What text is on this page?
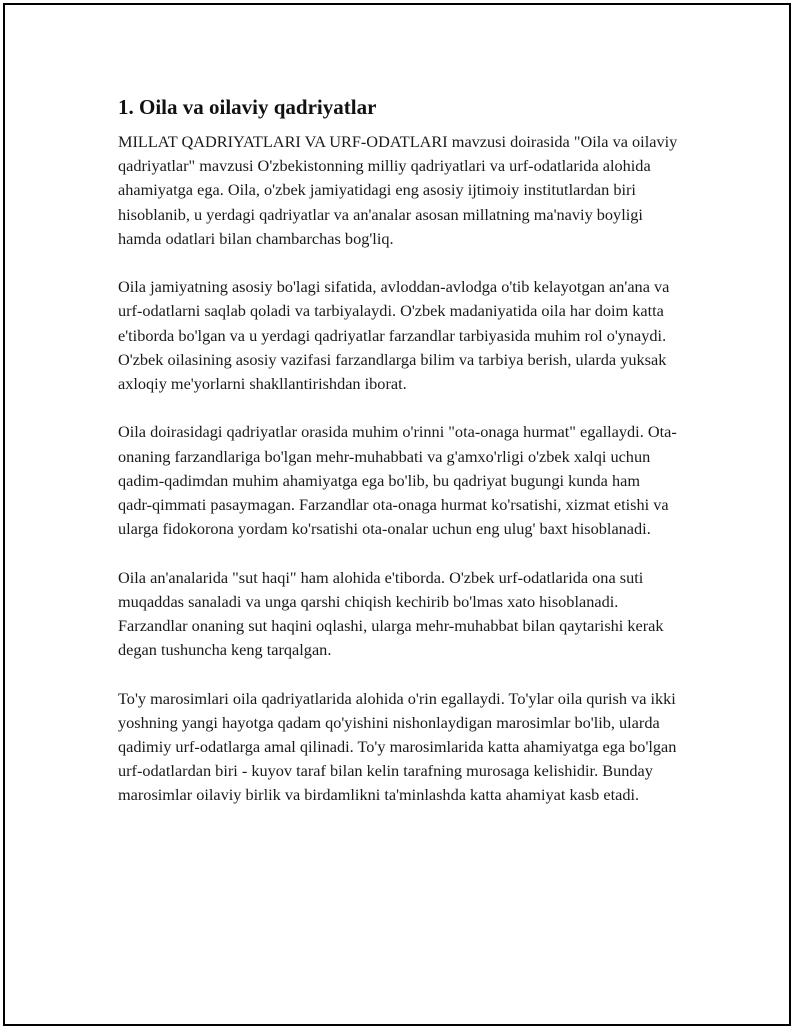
1. Oila va oilaviy qadriyatlar

MILLAT QADRIYATLARI VA URF-ODATLARI mavzusi doirasida "Oila va oilaviy qadriyatlar" mavzusi O'zbekistonning milliy qadriyatlari va urf-odatlarida alohida ahamiyatga ega. Oila, o'zbek jamiyatidagi eng asosiy ijtimoiy institutlardan biri hisoblanib, u yerdagi qadriyatlar va an'analar asosan millatning ma'naviy boyligi hamda odatlari bilan chambarchas bog'liq.

Oila jamiyatning asosiy bo'lagi sifatida, avloddan-avlodga o'tib kelayotgan an'ana va urf-odatlarni saqlab qoladi va tarbiyalaydi. O'zbek madaniyatida oila har doim katta e'tiborda bo'lgan va u yerdagi qadriyatlar farzandlar tarbiyasida muhim rol o'ynaydi. O'zbek oilasining asosiy vazifasi farzandlarga bilim va tarbiya berish, ularda yuksak axloqiy me'yorlarni shakllantirishdan iborat.

Oila doirasidagi qadriyatlar orasida muhim o'rinni "ota-onaga hurmat" egallaydi. Ota-onaning farzandlariga bo'lgan mehr-muhabbati va g'amxo'rligi o'zbek xalqi uchun qadim-qadimdan muhim ahamiyatga ega bo'lib, bu qadriyat bugungi kunda ham qadr-qimmati pasaymagan. Farzandlar ota-onaga hurmat ko'rsatishi, xizmat etishi va ularga fidokorona yordam ko'rsatishi ota-onalar uchun eng ulug' baxt hisoblanadi.

Oila an'analarida "sut haqi" ham alohida e'tiborda. O'zbek urf-odatlarida ona suti muqaddas sanaladi va unga qarshi chiqish kechirib bo'lmas xato hisoblanadi. Farzandlar onaning sut haqini oqlashi, ularga mehr-muhabbat bilan qaytarishi kerak degan tushuncha keng tarqalgan.

To'y marosimlari oila qadriyatlarida alohida o'rin egallaydi. To'ylar oila qurish va ikki yoshning yangi hayotga qadam qo'yishini nishonlaydigan marosimlar bo'lib, ularda qadimiy urf-odatlarga amal qilinadi. To'y marosimlarida katta ahamiyatga ega bo'lgan urf-odatlardan biri - kuyov taraf bilan kelin tarafning murosaga kelishidir. Bunday marosimlar oilaviy birlik va birdamlikni ta'minlashda katta ahamiyat kasb etadi.
